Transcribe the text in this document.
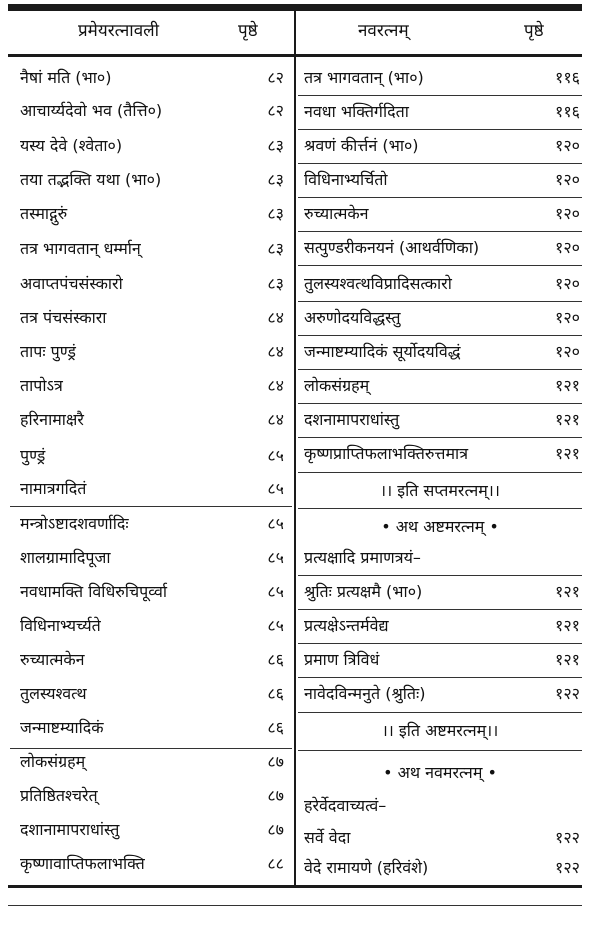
प्रमेयरत्नावली	पृष्ठे
नैषां मति (भा०)	८२
आचार्य्यदेवो भव (तैत्ति०)	८२
यस्य देवे (श्वेता०)	८३
तया तद्भक्ति यथा (भा०)	८३
तस्माद्गुरुं	८३
तत्र भागवतान् धर्म्मान्	८३
अवाप्तपंचसंस्कारो	८३
तत्र पंचसंस्कारा	८४
तापः पुण्ड्रं	८४
तापोऽत्र	८४
हरिनामाक्षरै	८४
पुण्ड्रं	८५
नामात्रगदितं	८५
मन्त्रोऽष्टादशवर्णादिः	८५
शालग्रामादिपूजा	८५
नवधामक्ति विधिरुचिपूर्व्वा	८५
विधिनाभ्यर्च्यते	८५
रुच्यात्मकेन	८६
तुलस्यश्वत्थ	८६
जन्माष्टम्यादिकं	८६
लोकसंग्रहम्	८७
प्रतिष्ठितश्चरेत्	८७
दशानामापराधांस्तु	८७
कृष्णावाप्तिफलाभक्ति	८८
नवरत्नम्	पृष्ठे
तत्र भागवतान् (भा०)	११६
नवधा भक्तिर्गदिता	११६
श्रवणं कीर्त्तनं (भा०)	१२०
विधिनाभ्यर्चितो	१२०
रुच्यात्मकेन	१२०
सत्पुण्डरीकनयनं (आथर्वणिका)	१२०
तुलस्यश्वत्थविप्रादिसत्कारो	१२०
अरुणोदयविद्धस्तु	१२०
जन्माष्टम्यादिकं सूर्योदयविद्धं	१२०
लोकसंग्रहम्	१२१
दशनामापराधांस्तु	१२१
कृष्णप्राप्तिफलाभक्तिरुत्तमात्र	१२१
।। इति सप्तमरत्नम्।।
• अथ अष्टमरत्नम् •
प्रत्यक्षादि प्रमाणत्रयं–
श्रुतिः प्रत्यक्षमै (भा०)	१२१
प्रत्यक्षेऽन्तर्मवेद्य	१२१
प्रमाण त्रिविधं	१२१
नावेदविन्मनुते (श्रुतिः)	१२२
।। इति अष्टमरत्नम्।।
• अथ नवमरत्नम् •
हरेर्वेदवाच्यत्वं–
सर्वे वेदा	१२२
वेदे रामायणे (हरिवंशे)	१२२
